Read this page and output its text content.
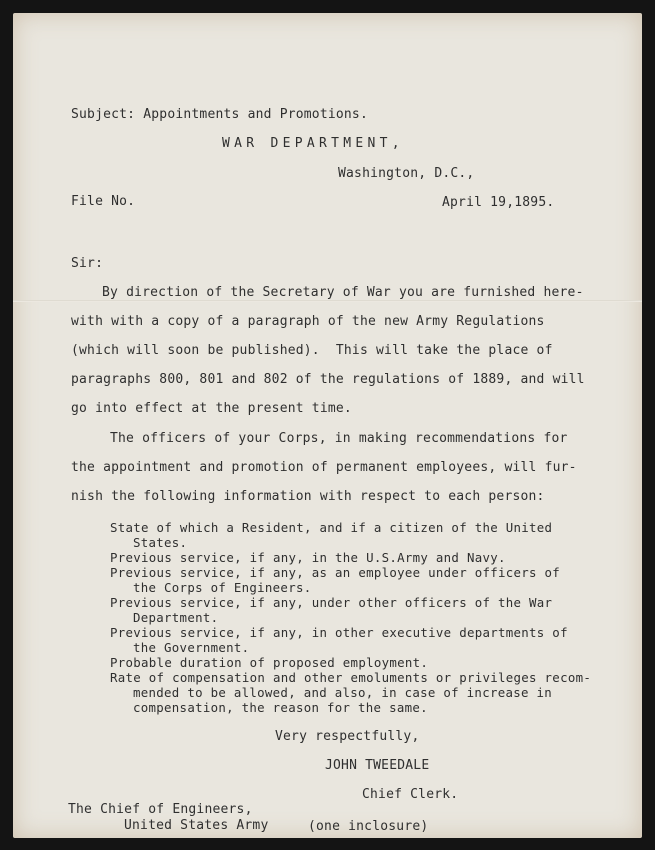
Subject: Appointments and Promotions.
WAR DEPARTMENT,
Washington, D.C.,
File No.	April 19,1895.
Sir:
By direction of the Secretary of War you are furnished here-
with with a copy of a paragraph of the new Army Regulations
(which will soon be published).  This will take the place of
paragraphs 800, 801 and 802 of the regulations of 1889, and will
go into effect at the present time.
The officers of your Corps, in making recommendations for
the appointment and promotion of permanent employees, will fur-
nish the following information with respect to each person:
State of which a Resident, and if a citizen of the United
States.
Previous service, if any, in the U.S.Army and Navy.
Previous service, if any, as an employee under officers of
the Corps of Engineers.
Previous service, if any, under other officers of the War
Department.
Previous service, if any, in other executive departments of
the Government.
Probable duration of proposed employment.
Rate of compensation and other emoluments or privileges recom-
mended to be allowed, and also, in case of increase in
compensation, the reason for the same.
Very respectfully,
JOHN TWEEDALE
Chief Clerk.
The Chief of Engineers,
United States Army	(one inclosure)
